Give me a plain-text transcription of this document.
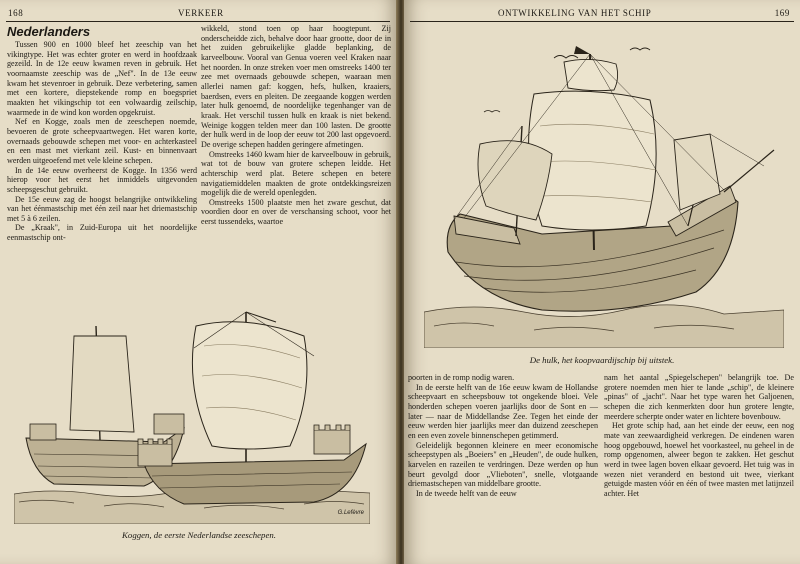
168	VERKEER
Nederlanders

Tussen 900 en 1000 bleef het zeeschip van het vikingtype. Het was echter groter en werd in hoofdzaak gezeild. In de 12e eeuw kwamen reven in gebruik. Het voornaamste zeeschip was de „Nef". In de 13e eeuw kwam het stevenroer in gebruik. Deze verbetering, samen met een kortere, diepstekende romp en boegspriet maakten het vikingschip tot een volwaardig zeilschip, waarmede in de wind kon worden opgekruist.

Nef en Kogge, zoals men de zeeschepen noemde, bevoeren de grote scheepvaartwegen. Het waren korte, overnaads gebouwde schepen met voor- en achterkasteel en een mast met vierkant zeil. Kust- en binnenvaart werden uitgeoefend met vele kleine schepen.

In de 14e eeuw overheerst de Kogge. In 1356 werd hierop voor het eerst het inmiddels uitgevonden scheepsgeschut gebruikt.

De 15e eeuw zag de hoogst belangrijke ontwikkeling van het éénmastschip met één zeil naar het driemastschip met 5 à 6 zeilen.

De „Kraak", in Zuid-Europa uit het noordelijke eenmastschip ont-

wikkeld, stond toen op haar hoogtepunt. Zij onderscheidde zich, behalve door haar grootte, door de in het zuiden gebruikelijke gladde beplanking, de karveelbouw. Vooral van Genua voeren veel Kraken naar het noorden. In onze streken voer men omstreeks 1400 ter zee met overnaads gebouwde schepen, waaraan men allerlei namen gaf: koggen, hefs, hulken, kraaiers, baerdsen, evers en pleiten. De zeegaande koggen werden later hulk genoemd, de noordelijke tegenhanger van de kraak. Het verschil tussen hulk en kraak is niet bekend. Weinige koggen telden meer dan 100 lasten. De grootte der hulk werd in de loop der eeuw tot 200 last opgevoerd. De overige schepen hadden geringere afmetingen.

Omstreeks 1460 kwam hier de karveelbouw in gebruik, wat tot de bouw van grotere schepen leidde. Het achterschip werd plat. Betere schepen en betere navigatiemiddelen maakten de grote ontdekkingsreizen mogelijk die de wereld openlegden.

Omstreeks 1500 plaatste men het zware geschut, dat voordien door en over de verschansing schoot, voor het eerst tussendeks, waartoe

G.Lefèvre
Koggen, de eerste Nederlandse zeeschepen.
ONTWIKKELING VAN HET SCHIP	169
De hulk, het koopvaardijschip bij uitstek.

poorten in de romp nodig waren.

In de eerste helft van de 16e eeuw kwam de Hollandse scheepvaart en scheepsbouw tot ongekende bloei. Vele honderden schepen voeren jaarlijks door de Sont en — later — naar de Middellandse Zee. Tegen het einde der eeuw werden hier jaarlijks meer dan duizend zeeschepen en een even zovele binnenschepen getimmerd.

Geleidelijk begonnen kleinere en meer economische scheepstypen als „Boeiers" en „Heuden", de oude hulken, karvelen en razeilen te verdringen. Deze werden op hun beurt gevolgd door „Vlieboten", snelle, vlotgaande driemastschepen van middelbare grootte.

In de tweede helft van de eeuw

nam het aantal „Spiegelschepen" belangrijk toe. De grotere noemden men hier te lande „schip", de kleinere „pinas" of „jacht". Naar het type waren het Galjoenen, schepen die zich kenmerkten door hun grotere lengte, meerdere scherpte onder water en lichtere bovenbouw.

Het grote schip had, aan het einde der eeuw, een nog mate van zeewaardigheid verkregen. De eindenen waren hoog opgebouwd, hoewel het voorkasteel, nu geheel in de romp opgenomen, alweer begon te zakken. Het geschut werd in twee lagen boven elkaar gevoerd. Het tuig was in wezen niet veranderd en bestond uit twee, vierkant getuigde masten vóór en één of twee masten met latijnzeil achter. Het
